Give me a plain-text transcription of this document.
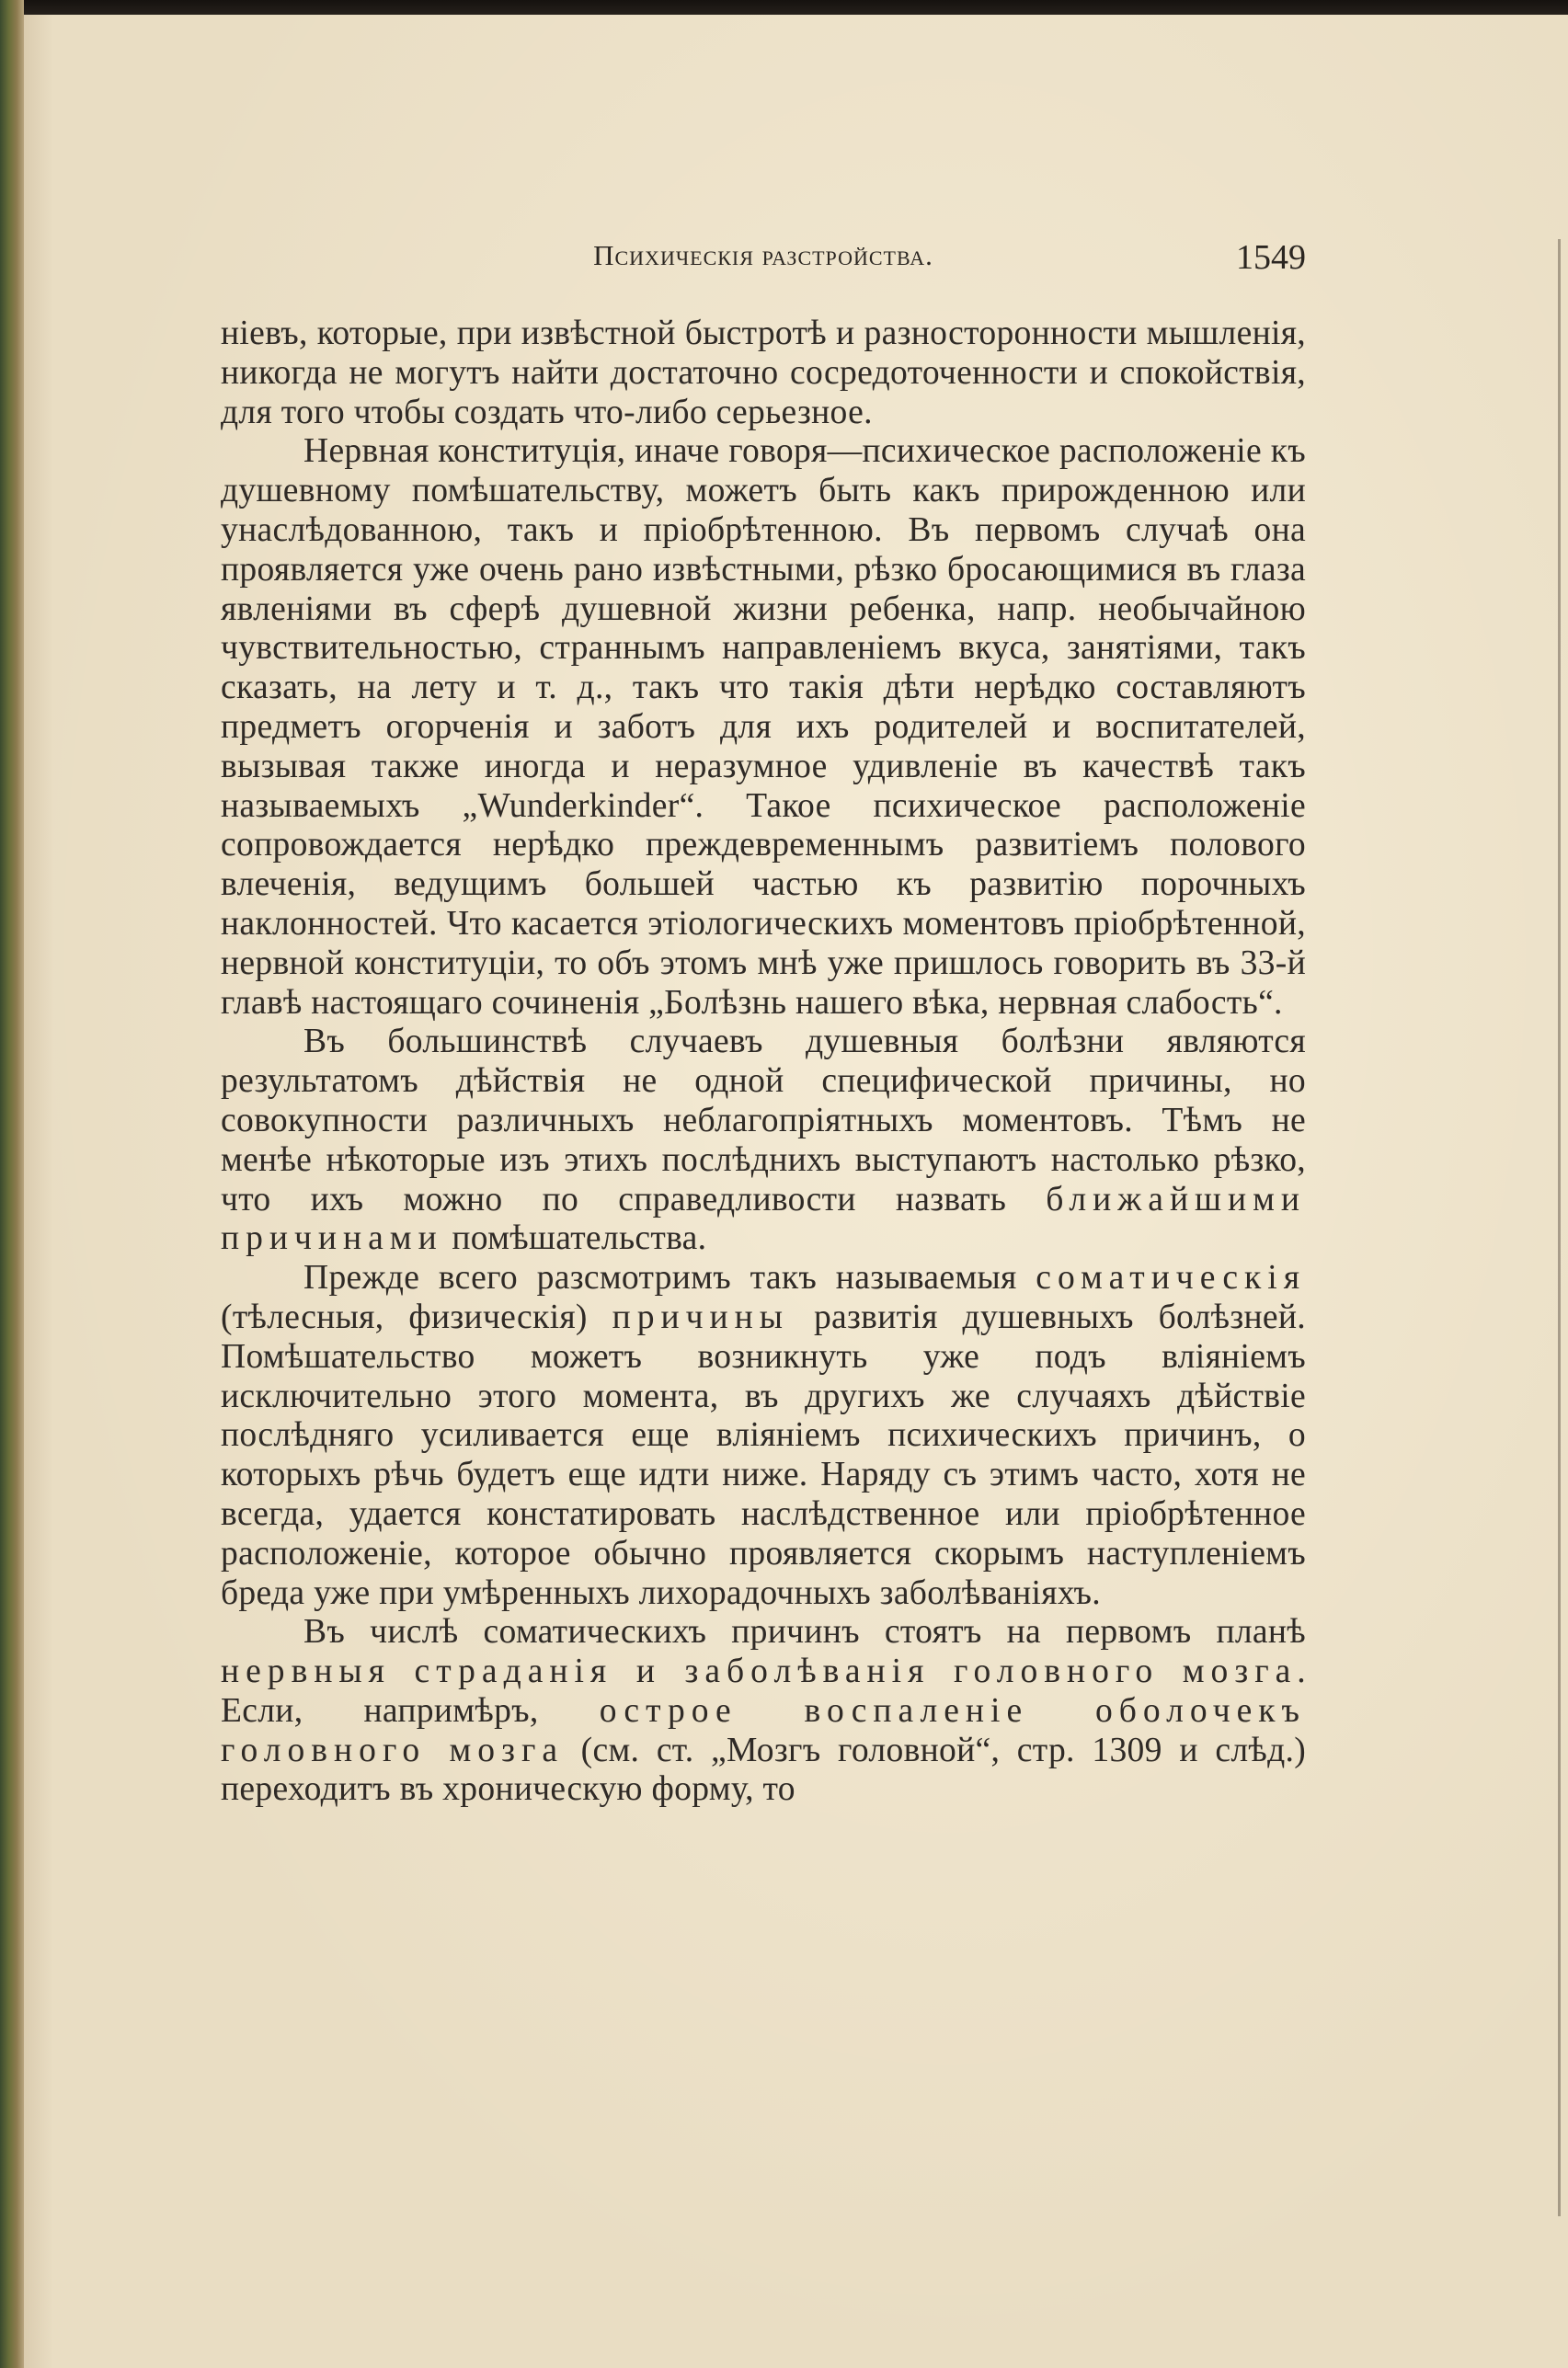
Психическія разстройства.	1549

ніевъ, которые, при извѣстной быстротѣ и разносторонности мышленія, никогда не могутъ найти достаточно сосредоточенности и спокойствія, для того чтобы создать что-либо серьезное.

Нервная конституція, иначе говоря—психическое расположеніе къ душевному помѣшательству, можетъ быть какъ прирожденною или унаслѣдованною, такъ и пріобрѣтенною. Въ первомъ случаѣ она проявляется уже очень рано извѣстными, рѣзко бросающимися въ глаза явленіями въ сферѣ душевной жизни ребенка, напр. необычайною чувствительностью, страннымъ направленіемъ вкуса, занятіями, такъ сказать, на лету и т. д., такъ что такія дѣти нерѣдко составляютъ предметъ огорченія и заботъ для ихъ родителей и воспитателей, вызывая также иногда и неразумное удивленіе въ качествѣ такъ называемыхъ „Wunderkinder“. Такое психическое расположеніе сопровождается нерѣдко преждевременнымъ развитіемъ полового влеченія, ведущимъ большей частью къ развитію порочныхъ наклонностей. Что касается этіологическихъ моментовъ пріобрѣтенной, нервной конституціи, то объ этомъ мнѣ уже пришлось говорить въ 33-й главѣ настоящаго сочиненія „Болѣзнь нашего вѣка, нервная слабость“.

Въ большинствѣ случаевъ душевныя болѣзни являются результатомъ дѣйствія не одной специфической причины, но совокупности различныхъ неблагопріятныхъ моментовъ. Тѣмъ не менѣе нѣкоторые изъ этихъ послѣднихъ выступаютъ настолько рѣзко, что ихъ можно по справедливости назвать ближайшими причинами помѣшательства.

Прежде всего разсмотримъ такъ называемыя соматическія (тѣлесныя, физическія) причины развитія душевныхъ болѣзней. Помѣшательство можетъ возникнуть уже подъ вліяніемъ исключительно этого момента, въ другихъ же случаяхъ дѣйствіе послѣдняго усиливается еще вліяніемъ психическихъ причинъ, о которыхъ рѣчь будетъ еще идти ниже. Наряду съ этимъ часто, хотя не всегда, удается констатировать наслѣдственное или пріобрѣтенное расположеніе, которое обычно проявляется скорымъ наступленіемъ бреда уже при умѣренныхъ лихорадочныхъ заболѣваніяхъ.

Въ числѣ соматическихъ причинъ стоятъ на первомъ планѣ нервныя страданія и заболѣванія головного мозга. Если, напримѣръ, острое воспаленіе оболочекъ головного мозга (см. ст. „Мозгъ головной“, стр. 1309 и слѣд.) переходитъ въ хроническую форму, то
